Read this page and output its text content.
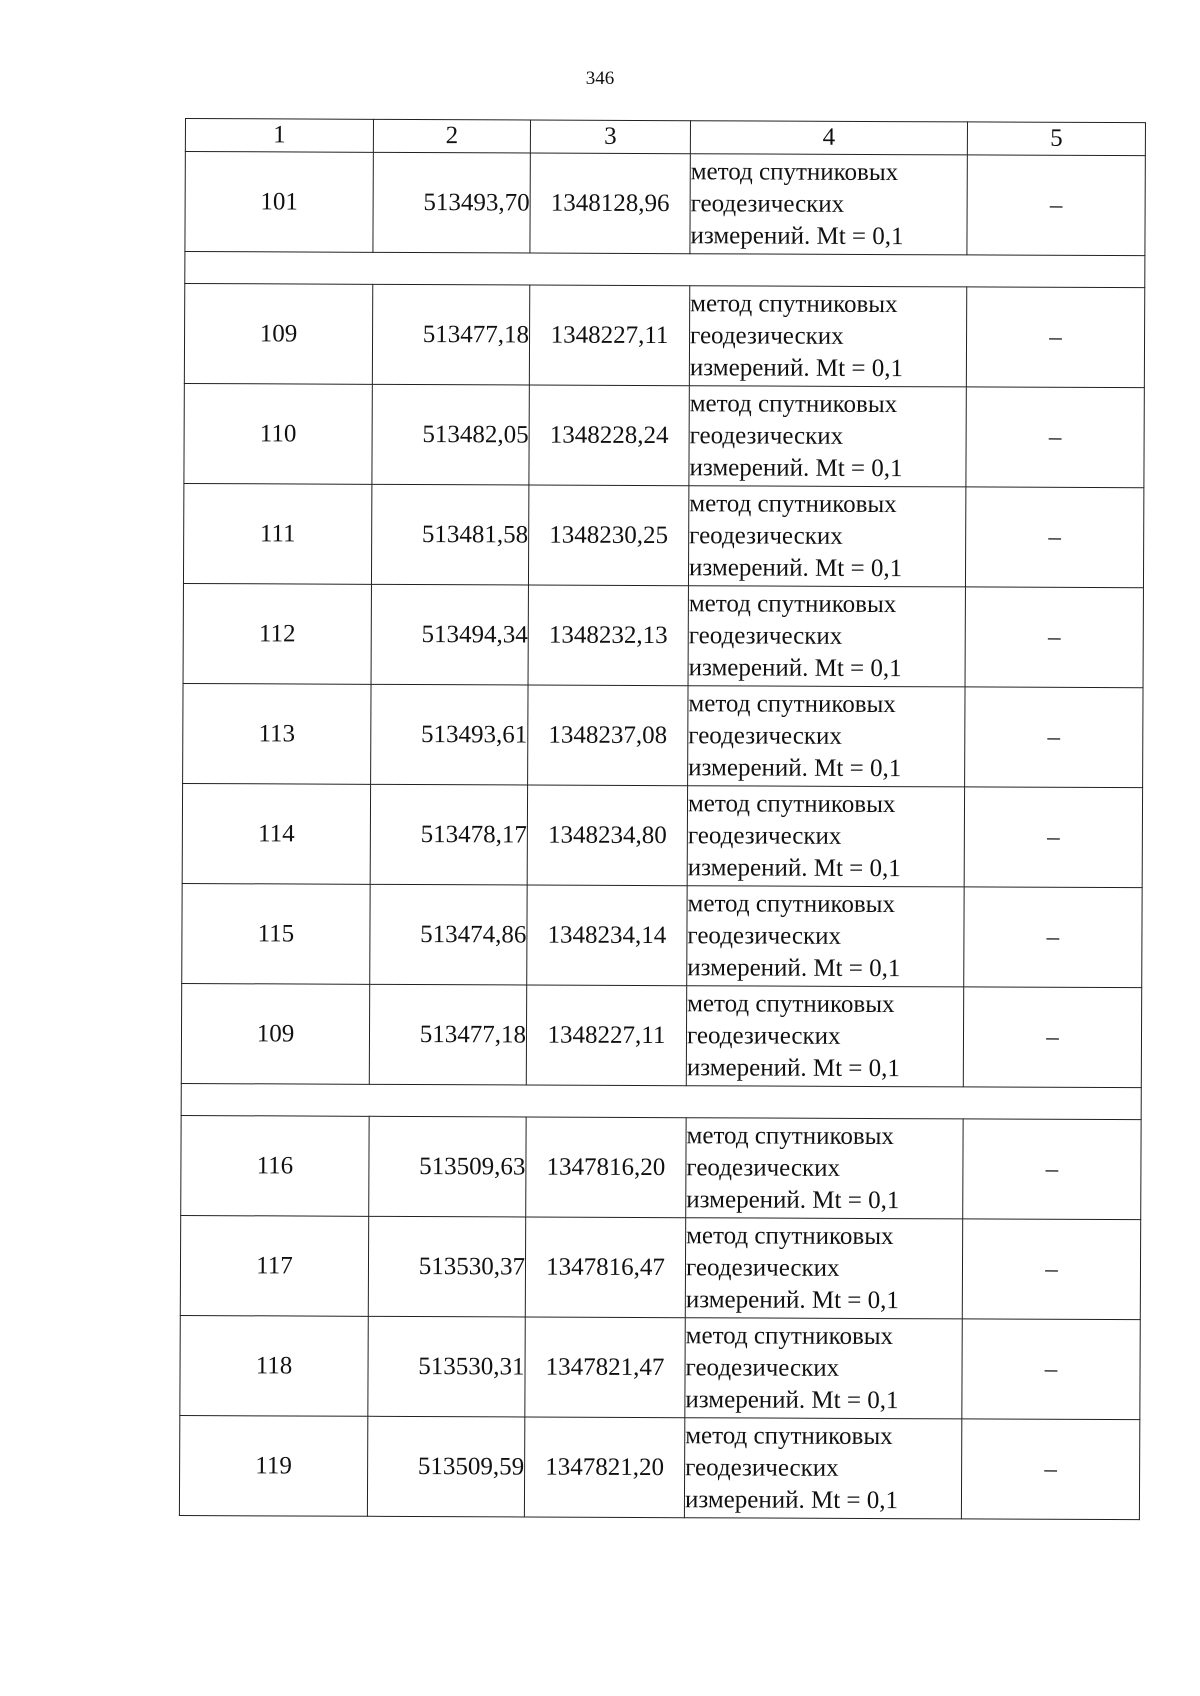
346
1	2	3	4	5
101	513493,70	1348128,96	метод спутниковых
геодезических
измерений. Mt = 0,1	–

109	513477,18	1348227,11	метод спутниковых
геодезических
измерений. Mt = 0,1	–
110	513482,05	1348228,24	метод спутниковых
геодезических
измерений. Mt = 0,1	–
111	513481,58	1348230,25	метод спутниковых
геодезических
измерений. Mt = 0,1	–
112	513494,34	1348232,13	метод спутниковых
геодезических
измерений. Mt = 0,1	–
113	513493,61	1348237,08	метод спутниковых
геодезических
измерений. Mt = 0,1	–
114	513478,17	1348234,80	метод спутниковых
геодезических
измерений. Mt = 0,1	–
115	513474,86	1348234,14	метод спутниковых
геодезических
измерений. Mt = 0,1	–
109	513477,18	1348227,11	метод спутниковых
геодезических
измерений. Mt = 0,1	–

116	513509,63	1347816,20	метод спутниковых
геодезических
измерений. Mt = 0,1	–
117	513530,37	1347816,47	метод спутниковых
геодезических
измерений. Mt = 0,1	–
118	513530,31	1347821,47	метод спутниковых
геодезических
измерений. Mt = 0,1	–
119	513509,59	1347821,20	метод спутниковых
геодезических
измерений. Mt = 0,1	–
